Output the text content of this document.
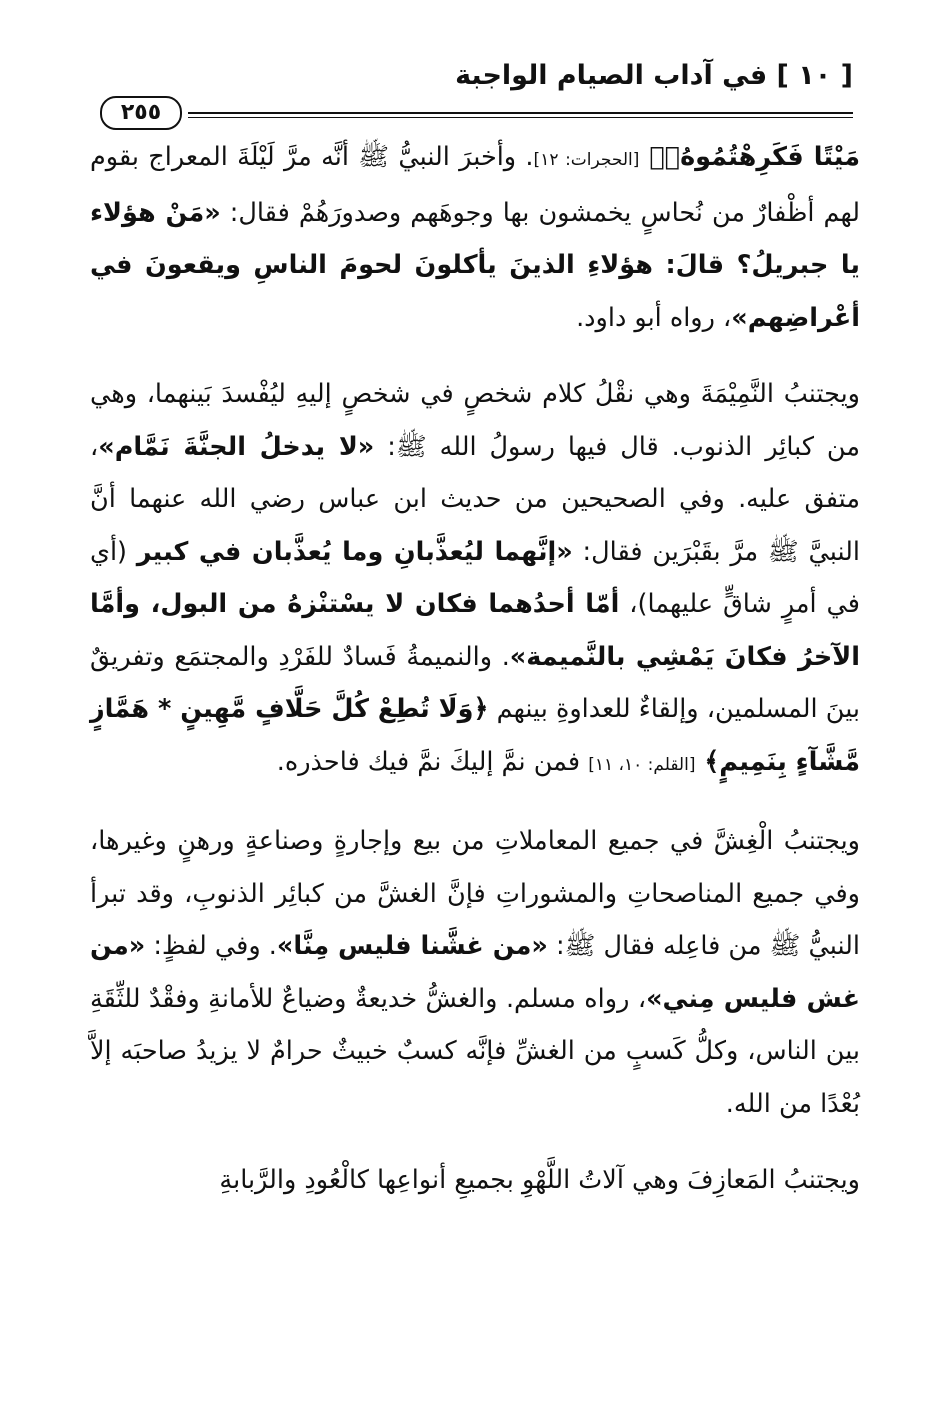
[ ١٠ ] في آداب الصيام الواجبة
٢٥٥

مَيْتًا فَكَرِهْتُمُوهُۚ﴾ [الحجرات: ١٢]. وأخبرَ النبيُّ ﷺ أنَّه مرَّ لَيْلَةَ المعراج بقوم لهم أظْفارٌ من نُحاسٍ يخمشون بها وجوهَهم وصدورَهُمْ فقال: «مَنْ هؤلاء يا جبريلُ؟ قالَ: هؤلاءِ الذينَ يأكلونَ لحومَ الناسِ ويقعونَ في أعْراضِهم»، رواه أبو داود.

ويجتنبُ النَّمِيْمَةَ وهي نقْلُ كلام شخصٍ في شخصٍ إليهِ ليُفْسدَ بَينهما، وهي من كبائِر الذنوب. قال فيها رسولُ الله ﷺ: «لا يدخلُ الجنَّةَ نَمَّام»، متفق عليه. وفي الصحيحين من حديث ابن عباس رضي الله عنهما أنَّ النبيَّ ﷺ مرَّ بقَبْرَين فقال: «إنَّهما ليُعذَّبانِ وما يُعذَّبان في كبير (أي في أمرٍ شاقٍّ عليهما)، أمّا أحدُهما فكان لا يسْتنْزهُ من البول، وأمَّا الآخرُ فكانَ يَمْشِي بالنَّميمة». والنميمةُ فَسادٌ للفَرْدِ والمجتمَع وتفريقٌ بينَ المسلمين، وإلقاءٌ للعداوةِ بينهم ﴿وَلَا تُطِعْ كُلَّ حَلَّافٍ مَّهِينٍ * هَمَّازٍ مَّشَّآءٍ بِنَمِيمٍ﴾ [القلم: ١٠، ١١] فمن نمَّ إليكَ نمَّ فيك فاحذره.

ويجتنبُ الْغِشَّ في جميع المعاملاتِ من بيع وإجارةٍ وصناعةٍ ورهنٍ وغيرها، وفي جميع المناصحاتِ والمشوراتِ فإنَّ الغشَّ من كبائِر الذنوبِ، وقد تبرأ النبيُّ ﷺ من فاعِله فقال ﷺ: «من غشَّنا فليس مِنَّا». وفي لفظٍ: «من غش فليس مِني»، رواه مسلم. والغشُّ خديعةٌ وضياعٌ للأمانةِ وفقْدٌ للثِّقَةِ بين الناس، وكلُّ كَسبٍ من الغشِّ فإنَّه كسبٌ خبيثٌ حرامٌ لا يزيدُ صاحبَه إلاَّ بُعْدًا من الله.

ويجتنبُ المَعازِفَ وهي آلاتُ اللَّهْوِ بجميعِ أنواعِها كالْعُودِ والرَّبابةِ
